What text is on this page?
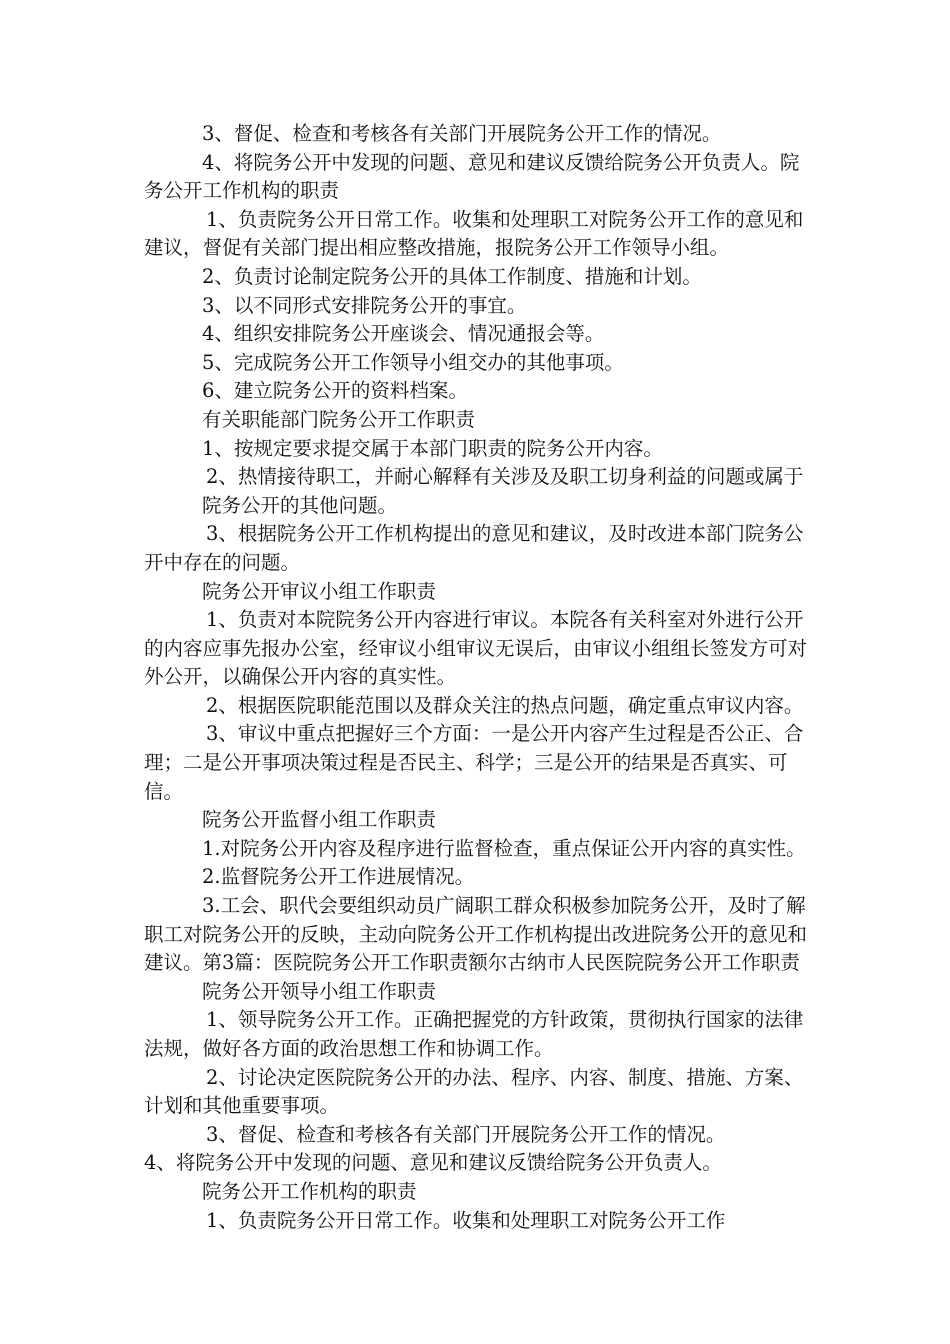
3、督促、检查和考核各有关部门开展院务公开工作的情况。

4、将院务公开中发现的问题、意见和建议反馈给院务公开负责人。院务公开工作机构的职责

1、负责院务公开日常工作。收集和处理职工对院务公开工作的意见和建议，督促有关部门提出相应整改措施，报院务公开工作领导小组。

2、负责讨论制定院务公开的具体工作制度、措施和计划。

3、以不同形式安排院务公开的事宜。

4、组织安排院务公开座谈会、情况通报会等。

5、完成院务公开工作领导小组交办的其他事项。

6、建立院务公开的资料档案。

有关职能部门院务公开工作职责

1、按规定要求提交属于本部门职责的院务公开内容。

2、热情接待职工，并耐心解释有关涉及及职工切身利益的问题或属于

院务公开的其他问题。

3、根据院务公开工作机构提出的意见和建议，及时改进本部门院务公开中存在的问题。

院务公开审议小组工作职责

1、负责对本院院务公开内容进行审议。本院各有关科室对外进行公开的内容应事先报办公室，经审议小组审议无误后，由审议小组组长签发方可对外公开，以确保公开内容的真实性。

2、根据医院职能范围以及群众关注的热点问题，确定重点审议内容。

3、审议中重点把握好三个方面：一是公开内容产生过程是否公正、合理；二是公开事项决策过程是否民主、科学；三是公开的结果是否真实、可信。

院务公开监督小组工作职责

1.对院务公开内容及程序进行监督检查，重点保证公开内容的真实性。

2.监督院务公开工作进展情况。

3.工会、职代会要组织动员广阔职工群众积极参加院务公开，及时了解职工对院务公开的反映，主动向院务公开工作机构提出改进院务公开的意见和建议。第3篇：医院院务公开工作职责额尔古纳市人民医院院务公开工作职责

院务公开领导小组工作职责

1、领导院务公开工作。正确把握党的方针政策，贯彻执行国家的法律法规，做好各方面的政治思想工作和协调工作。

2、讨论决定医院院务公开的办法、程序、内容、制度、措施、方案、计划和其他重要事项。

3、督促、检查和考核各有关部门开展院务公开工作的情况。

4、将院务公开中发现的问题、意见和建议反馈给院务公开负责人。

院务公开工作机构的职责

1、负责院务公开日常工作。收集和处理职工对院务公开工作
